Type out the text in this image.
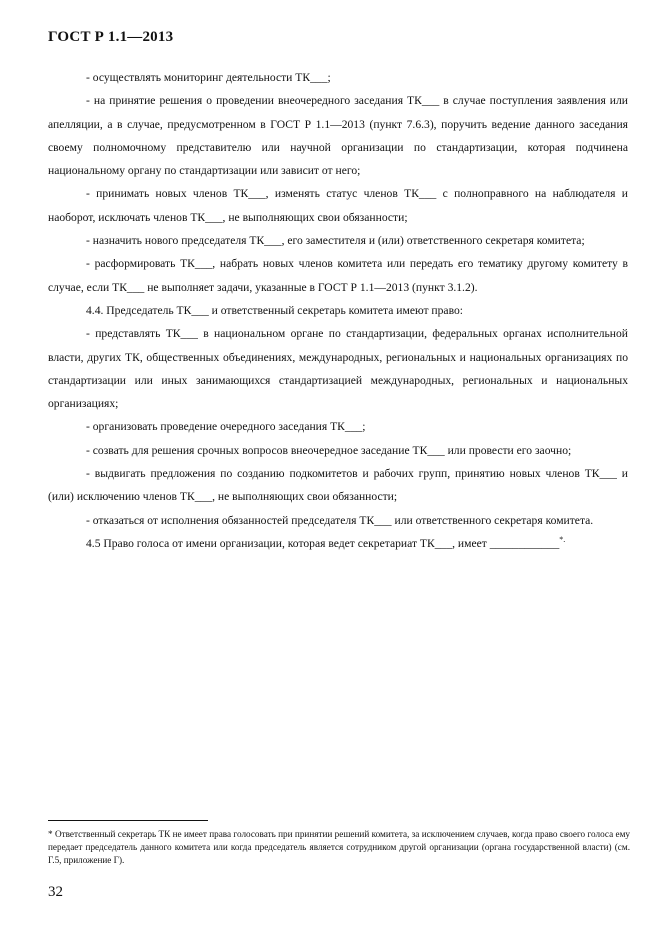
ГОСТ Р 1.1—2013

- осуществлять мониторинг деятельности ТК___;

- на принятие решения о проведении внеочередного заседания ТК___ в случае поступления заявления или апелляции, а в случае, предусмотренном в ГОСТ Р 1.1—2013 (пункт 7.6.3), поручить ведение данного заседания своему полномочному представителю или научной организации по стандартизации, которая подчинена национальному органу по стандартизации или зависит от него;

- принимать новых членов ТК___, изменять статус членов ТК___ с полноправного на наблюдателя и наоборот, исключать членов ТК___, не выполняющих свои обязанности;

- назначить нового председателя ТК___, его заместителя и (или) ответственного секретаря комитета;

- расформировать ТК___, набрать новых членов комитета или передать его тематику другому комитету в случае, если ТК___ не выполняет задачи, указанные в ГОСТ Р 1.1—2013 (пункт 3.1.2).

4.4. Председатель ТК___ и ответственный секретарь комитета имеют право:

- представлять ТК___ в национальном органе по стандартизации, федеральных органах исполнительной власти, других ТК, общественных объединениях, международных, региональных и национальных организациях по стандартизации или иных занимающихся стандартизацией международных, региональных и национальных организациях;

- организовать проведение очередного заседания ТК___;

- созвать для решения срочных вопросов внеочередное заседание ТК___ или провести его заочно;

- выдвигать предложения по созданию подкомитетов и рабочих групп, принятию новых членов ТК___ и (или) исключению членов ТК___, не выполняющих свои обязанности;

- отказаться от исполнения обязанностей председателя ТК___ или ответственного секретаря комитета.

4.5 Право голоса от имени организации, которая ведет секретариат ТК___, имеет ____________*.

* Ответственный секретарь ТК не имеет права голосовать при принятии решений комитета, за исключением случаев, когда право своего голоса ему передает председатель данного комитета или когда председатель является сотрудником другой организации (органа государственной власти) (см. Г.5, приложение Г).
32
